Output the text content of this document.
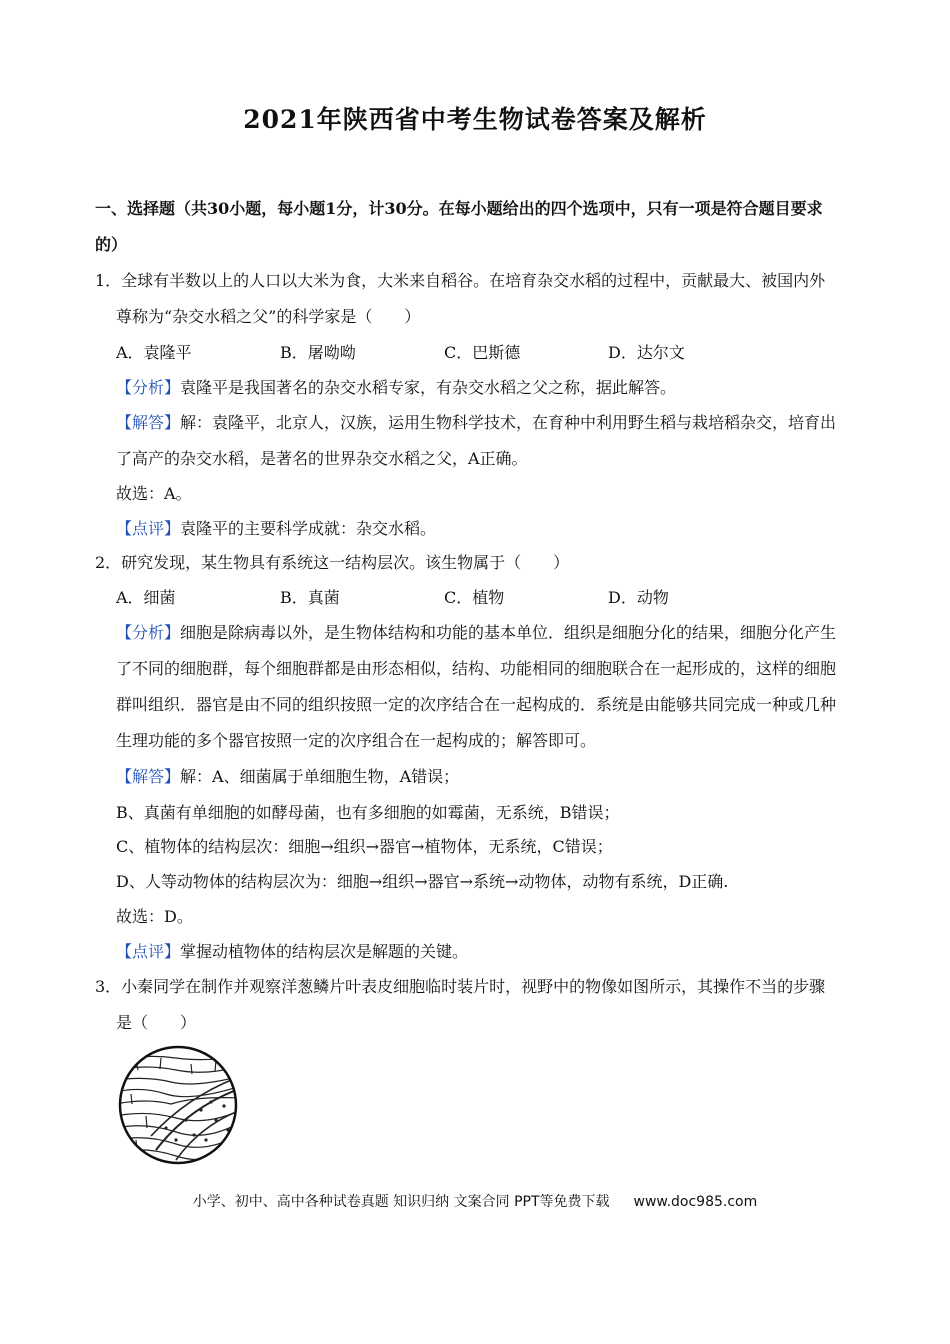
2021年陕西省中考生物试卷答案及解析
一、选择题（共30小题，每小题1分，计30分。在每小题给出的四个选项中，只有一项是符合题目要求
的）
1．全球有半数以上的人口以大米为食，大米来自稻谷。在培育杂交水稻的过程中，贡献最大、被国内外
尊称为“杂交水稻之父”的科学家是（　　）
A．袁隆平	B．屠呦呦	C．巴斯德	D．达尔文
【分析】袁隆平是我国著名的杂交水稻专家，有杂交水稻之父之称，据此解答。
【解答】解：袁隆平，北京人，汉族，运用生物科学技术，在育种中利用野生稻与栽培稻杂交，培育出
了高产的杂交水稻，是著名的世界杂交水稻之父，A正确。
故选：A。
【点评】袁隆平的主要科学成就：杂交水稻。
2．研究发现，某生物具有系统这一结构层次。该生物属于（　　）
A．细菌	B．真菌	C．植物	D．动物
【分析】细胞是除病毒以外，是生物体结构和功能的基本单位．组织是细胞分化的结果，细胞分化产生
了不同的细胞群，每个细胞群都是由形态相似，结构、功能相同的细胞联合在一起形成的，这样的细胞
群叫组织．器官是由不同的组织按照一定的次序结合在一起构成的．系统是由能够共同完成一种或几种
生理功能的多个器官按照一定的次序组合在一起构成的；解答即可。
【解答】解：A、细菌属于单细胞生物，A错误；
B、真菌有单细胞的如酵母菌，也有多细胞的如霉菌，无系统，B错误；
C、植物体的结构层次：细胞→组织→器官→植物体，无系统，C错误；
D、人等动物体的结构层次为：细胞→组织→器官→系统→动物体，动物有系统，D正确.
故选：D。
【点评】掌握动植物体的结构层次是解题的关键。
3．小秦同学在制作并观察洋葱鳞片叶表皮细胞临时装片时，视野中的物像如图所示，其操作不当的步骤
是（　　）
小学、初中、高中各种试卷真题 知识归纳 文案合同 PPT等免费下载 www.doc985.com
